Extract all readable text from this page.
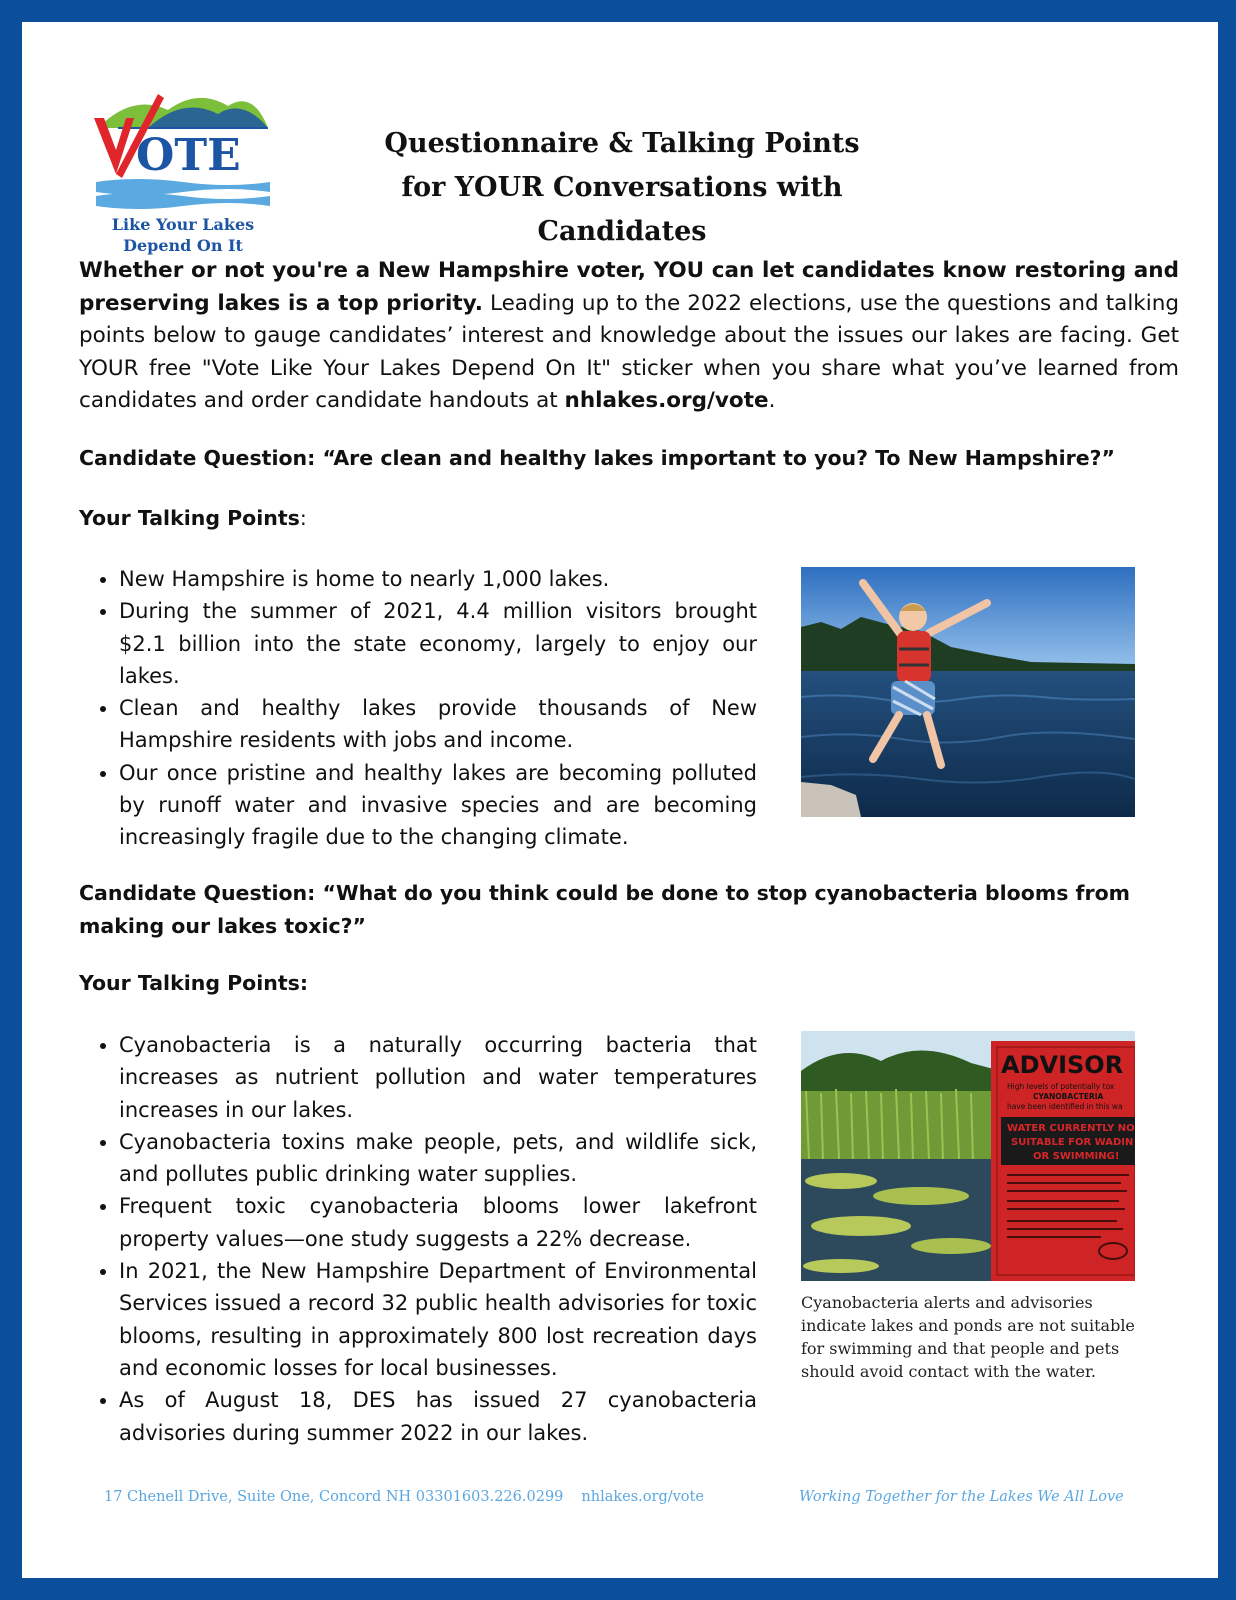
OTE
Like Your Lakes
Depend On It
Questionnaire & Talking Points
for YOUR Conversations with Candidates
Whether or not you're a New Hampshire voter, YOU can let candidates know restoring and preserving lakes is a top priority. Leading up to the 2022 elections, use the questions and talking points below to gauge candidates’ interest and knowledge about the issues our lakes are facing. Get YOUR free "Vote Like Your Lakes Depend On It" sticker when you share what you’ve learned from candidates and order candidate handouts at nhlakes.org/vote.
Candidate Question: “Are clean and healthy lakes important to you? To New Hampshire?”
Your Talking Points:
• New Hampshire is home to nearly 1,000 lakes.
• During the summer of 2021, 4.4 million visitors brought $2.1 billion into the state economy, largely to enjoy our lakes.
• Clean and healthy lakes provide thousands of New Hampshire residents with jobs and income.
• Our once pristine and healthy lakes are becoming polluted by runoff water and invasive species and are becoming increasingly fragile due to the changing climate.
Candidate Question: “What do you think could be done to stop cyanobacteria blooms from making our lakes toxic?”
Your Talking Points:
• Cyanobacteria is a naturally occurring bacteria that increases as nutrient pollution and water temperatures increases in our lakes.
• Cyanobacteria toxins make people, pets, and wildlife sick, and pollutes public drinking water supplies.
• Frequent toxic cyanobacteria blooms lower lakefront property values—one study suggests a 22% decrease.
• In 2021, the New Hampshire Department of Environmental Services issued a record 32 public health advisories for toxic blooms, resulting in approximately 800 lost recreation days and economic losses for local businesses.
• As of August 18, DES has issued 27 cyanobacteria advisories during summer 2022 in our lakes.
ADVISOR
High levels of potentially tox
CYANOBACTERIA
have been identified in this wa
WATER CURRENTLY NO
SUITABLE FOR WADIN
OR SWIMMING!
Cyanobacteria alerts and advisories indicate lakes and ponds are not suitable for swimming and that people and pets should avoid contact with the water.
17 Chenell Drive, Suite One, Concord NH 03301603.226.0299 nhlakes.org/vote	Working Together for the Lakes We All Love
